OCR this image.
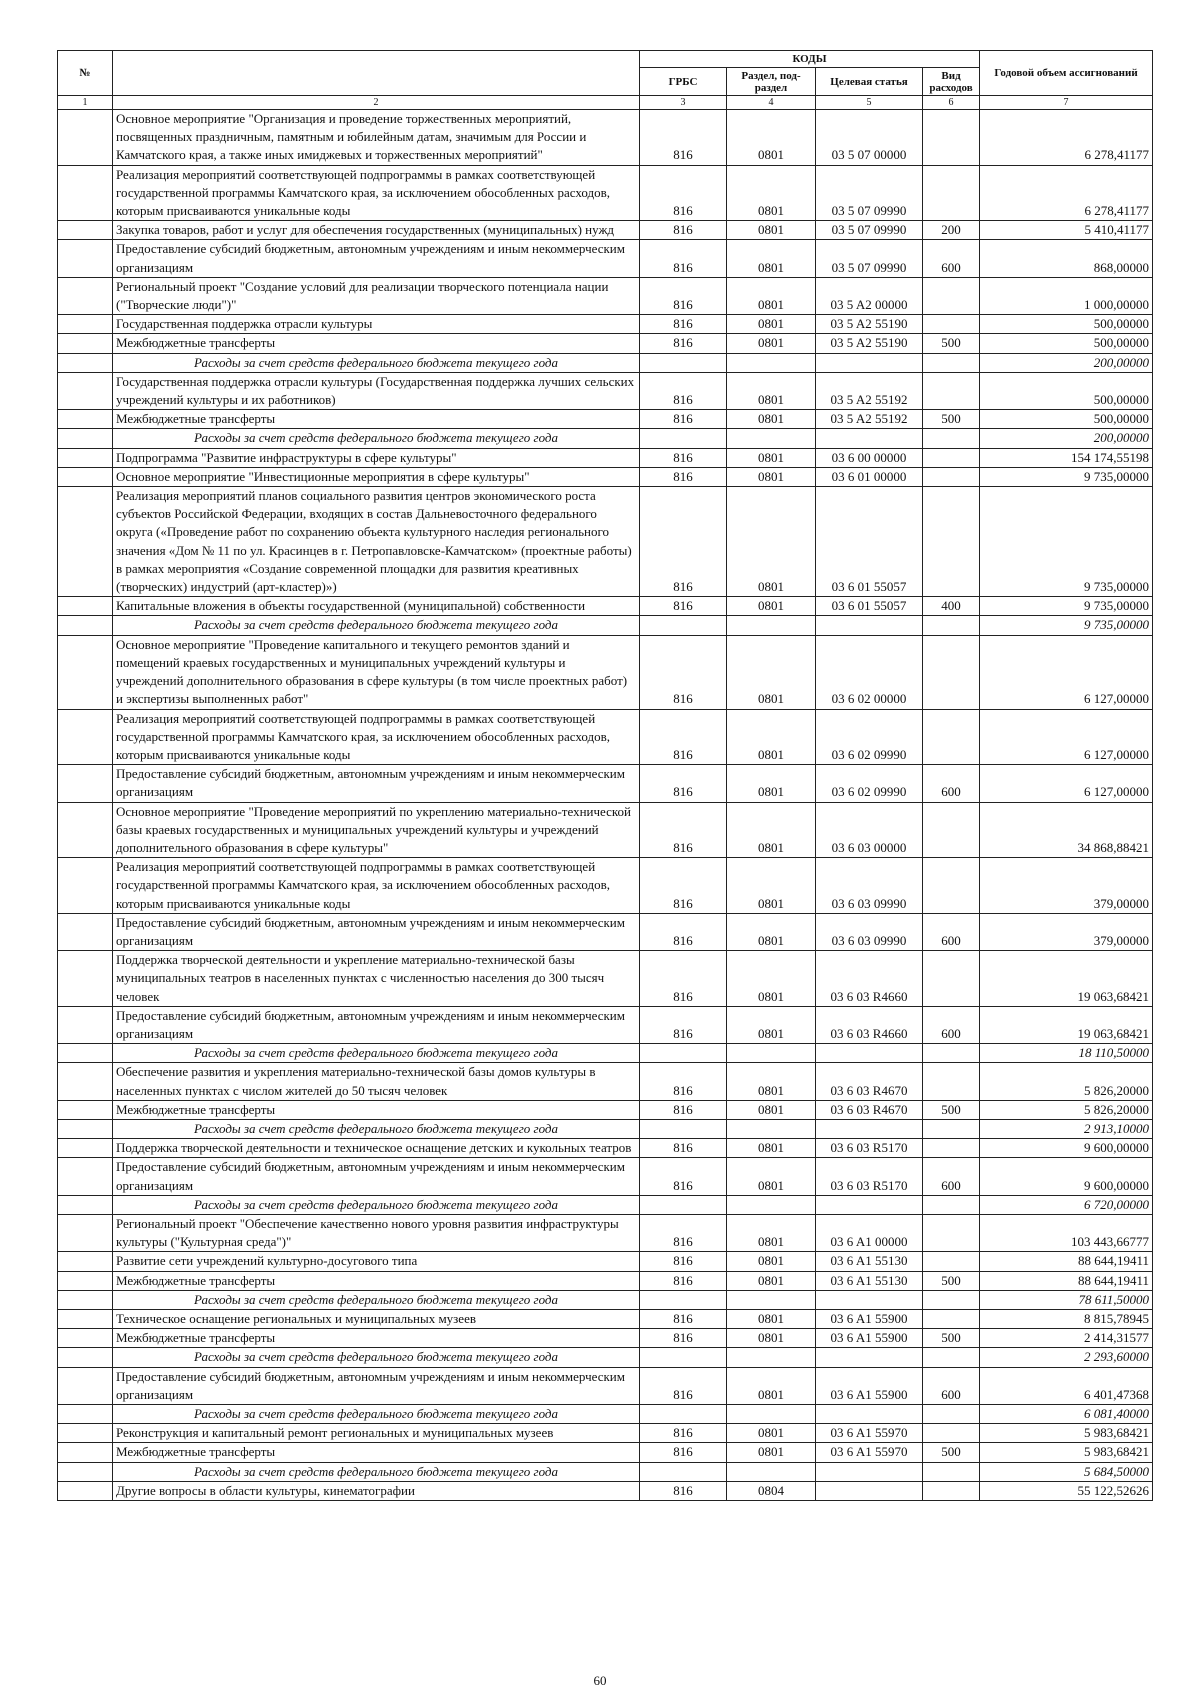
№		КОДЫ				Годовой объем ассигнований
		ГРБС	Раздел, под-раздел	Целевая статья	Вид расходов	
1	2	3	4	5	6	7
	Основное мероприятие "Организация и проведение торжественных мероприятий, посвященных праздничным, памятным и юбилейным датам, значимым для России и Камчатского края, а также иных имиджевых и торжественных мероприятий"	816	0801	03 5 07 00000		6 278,41177
	Реализация мероприятий соответствующей подпрограммы в рамках соответствующей государственной программы Камчатского края, за исключением обособленных расходов, которым присваиваются уникальные коды	816	0801	03 5 07 09990		6 278,41177
	Закупка товаров, работ и услуг для обеспечения государственных (муниципальных) нужд	816	0801	03 5 07 09990	200	5 410,41177
	Предоставление субсидий бюджетным, автономным учреждениям и иным некоммерческим организациям	816	0801	03 5 07 09990	600	868,00000
	Региональный проект "Создание условий для реализации творческого потенциала нации ("Творческие люди")"	816	0801	03 5 A2 00000		1 000,00000
	Государственная поддержка отрасли культуры	816	0801	03 5 A2 55190		500,00000
	Межбюджетные трансферты	816	0801	03 5 A2 55190	500	500,00000
	Расходы за счет средств федерального бюджета текущего года					200,00000
	Государственная поддержка отрасли культуры (Государственная поддержка лучших сельских учреждений культуры и их работников)	816	0801	03 5 A2 55192		500,00000
	Межбюджетные трансферты	816	0801	03 5 A2 55192	500	500,00000
	Расходы за счет средств федерального бюджета текущего года					200,00000
	Подпрограмма "Развитие инфраструктуры в сфере культуры"	816	0801	03 6 00 00000		154 174,55198
	Основное мероприятие "Инвестиционные мероприятия в сфере культуры"	816	0801	03 6 01 00000		9 735,00000
	Реализация мероприятий планов социального развития центров экономического роста субъектов Российской Федерации, входящих в состав Дальневосточного федерального округа («Проведение работ по сохранению объекта культурного наследия регионального значения «Дом № 11 по ул. Красинцев в г. Петропавловске-Камчатском» (проектные работы) в рамках мероприятия «Создание современной площадки для развития креативных (творческих) индустрий (арт-кластер)»)	816	0801	03 6 01 55057		9 735,00000
	Капитальные вложения в объекты государственной (муниципальной) собственности	816	0801	03 6 01 55057	400	9 735,00000
	Расходы за счет средств федерального бюджета текущего года					9 735,00000
	Основное мероприятие "Проведение капитального и текущего ремонтов зданий и помещений краевых государственных и муниципальных учреждений культуры и учреждений дополнительного образования в сфере культуры (в том числе проектных работ) и экспертизы выполненных работ"	816	0801	03 6 02 00000		6 127,00000
	Реализация мероприятий соответствующей подпрограммы в рамках соответствующей государственной программы Камчатского края, за исключением обособленных расходов, которым присваиваются уникальные коды	816	0801	03 6 02 09990		6 127,00000
	Предоставление субсидий бюджетным, автономным учреждениям и иным некоммерческим организациям	816	0801	03 6 02 09990	600	6 127,00000
	Основное мероприятие "Проведение мероприятий по укреплению материально-технической базы краевых государственных и муниципальных учреждений культуры и учреждений дополнительного образования в сфере культуры"	816	0801	03 6 03 00000		34 868,88421
	Реализация мероприятий соответствующей подпрограммы в рамках соответствующей государственной программы Камчатского края, за исключением обособленных расходов, которым присваиваются уникальные коды	816	0801	03 6 03 09990		379,00000
	Предоставление субсидий бюджетным, автономным учреждениям и иным некоммерческим организациям	816	0801	03 6 03 09990	600	379,00000
	Поддержка творческой деятельности и укрепление материально-технической базы муниципальных театров в населенных пунктах с численностью населения до 300 тысяч человек	816	0801	03 6 03 R4660		19 063,68421
	Предоставление субсидий бюджетным, автономным учреждениям и иным некоммерческим организациям	816	0801	03 6 03 R4660	600	19 063,68421
	Расходы за счет средств федерального бюджета текущего года					18 110,50000
	Обеспечение развития и укрепления материально-технической базы домов культуры в населенных пунктах с числом жителей до 50 тысяч человек	816	0801	03 6 03 R4670		5 826,20000
	Межбюджетные трансферты	816	0801	03 6 03 R4670	500	5 826,20000
	Расходы за счет средств федерального бюджета текущего года					2 913,10000
	Поддержка творческой деятельности и техническое оснащение детских и кукольных театров	816	0801	03 6 03 R5170		9 600,00000
	Предоставление субсидий бюджетным, автономным учреждениям и иным некоммерческим организациям	816	0801	03 6 03 R5170	600	9 600,00000
	Расходы за счет средств федерального бюджета текущего года					6 720,00000
	Региональный проект "Обеспечение качественно нового уровня развития инфраструктуры культуры ("Культурная среда")"	816	0801	03 6 A1 00000		103 443,66777
	Развитие сети учреждений культурно-досугового типа	816	0801	03 6 A1 55130		88 644,19411
	Межбюджетные трансферты	816	0801	03 6 A1 55130	500	88 644,19411
	Расходы за счет средств федерального бюджета текущего года					78 611,50000
	Техническое оснащение региональных и муниципальных музеев	816	0801	03 6 A1 55900		8 815,78945
	Межбюджетные трансферты	816	0801	03 6 A1 55900	500	2 414,31577
	Расходы за счет средств федерального бюджета текущего года					2 293,60000
	Предоставление субсидий бюджетным, автономным учреждениям и иным некоммерческим организациям	816	0801	03 6 A1 55900	600	6 401,47368
	Расходы за счет средств федерального бюджета текущего года					6 081,40000
	Реконструкция и капитальный ремонт региональных и муниципальных музеев	816	0801	03 6 A1 55970		5 983,68421
	Межбюджетные трансферты	816	0801	03 6 A1 55970	500	5 983,68421
	Расходы за счет средств федерального бюджета текущего года					5 684,50000
	Другие вопросы в области культуры, кинематографии	816	0804			55 122,52626
60
